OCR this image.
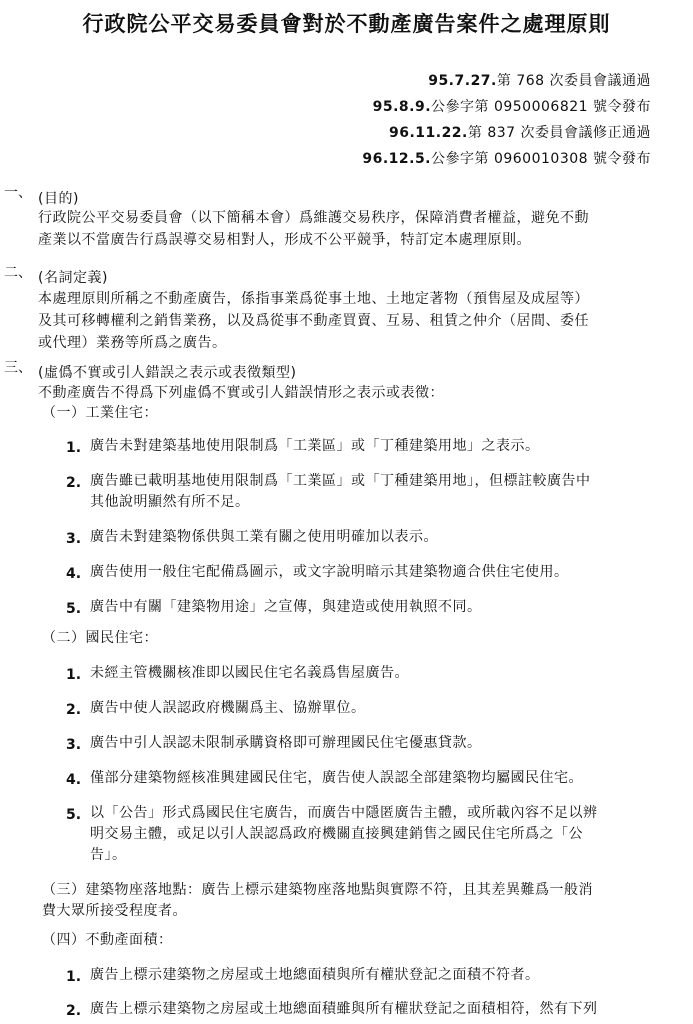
行政院公平交易委員會對於不動產廣告案件之處理原則
95.7.27.第 768 次委員會議通過
95.8.9.公參字第 0950006821 號令發布
96.11.22.第 837 次委員會議修正通過
96.12.5.公參字第 0960010308 號令發布
一、 (目的)
行政院公平交易委員會（以下簡稱本會）爲維護交易秩序，保障消費者權益，避免不動
產業以不當廣告行爲誤導交易相對人，形成不公平競爭，特訂定本處理原則。
二、 (名詞定義)
本處理原則所稱之不動產廣告，係指事業爲從事土地、土地定著物（預售屋及成屋等）
及其可移轉權利之銷售業務，以及爲從事不動產買賣、互易、租賃之仲介（居間、委任
或代理）業務等所爲之廣告。
三、 (虛僞不實或引人錯誤之表示或表徵類型)
不動產廣告不得爲下列虛僞不實或引人錯誤情形之表示或表徵：
（一）工業住宅：
1. 廣告未對建築基地使用限制爲「工業區」或「丁種建築用地」之表示。
2. 廣告雖已載明基地使用限制爲「工業區」或「丁種建築用地」，但標註較廣告中
其他說明顯然有所不足。
3. 廣告未對建築物係供與工業有關之使用明確加以表示。
4. 廣告使用一般住宅配備爲圖示，或文字說明暗示其建築物適合供住宅使用。
5. 廣告中有關「建築物用途」之宣傳，與建造或使用執照不同。
（二）國民住宅：
1. 未經主管機關核准即以國民住宅名義爲售屋廣告。
2. 廣告中使人誤認政府機關爲主、協辦單位。
3. 廣告中引人誤認未限制承購資格即可辦理國民住宅優惠貸款。
4. 僅部分建築物經核准興建國民住宅，廣告使人誤認全部建築物均屬國民住宅。
5. 以「公告」形式爲國民住宅廣告，而廣告中隱匿廣告主體，或所載內容不足以辨
明交易主體，或足以引人誤認爲政府機關直接興建銷售之國民住宅所爲之「公
告」。
（三）建築物座落地點：廣告上標示建築物座落地點與實際不符，且其差異難爲一般消
費大眾所接受程度者。
（四）不動產面積：
1. 廣告上標示建築物之房屋或土地總面積與所有權狀登記之面積不符者。
2. 廣告上標示建築物之房屋或土地總面積雖與所有權狀登記之面積相符，然有下列
